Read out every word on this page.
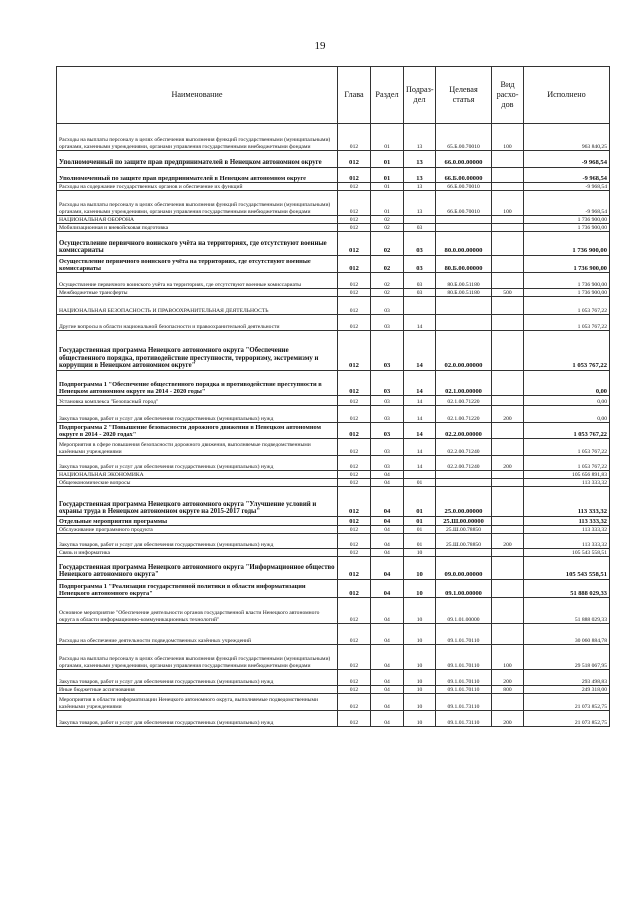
19
Наименование	Глава	Раздел	Подраз-дел	Целевая статья	Вид расхо-дов	Исполнено
Расходы на выплаты персоналу в целях обеспечения выполнения функций государственными (муниципальными) органами, казенными учреждениями, органами управления государственными внебюджетными фондами	012	01	13	65.Б.00.70010	100	963 840,25
Уполномоченный по защите прав предпринимателей в Ненецком автономном округе	012	01	13	66.0.00.00000		-9 968,54
Уполномоченный по защите прав предпринимателей в Ненецком автономном округе	012	01	13	66.Б.00.00000		-9 968,54
Расходы на содержание государственных органов и обеспечение их функций	012	01	13	66.Б.00.70010		-9 968,54
Расходы на выплаты персоналу в целях обеспечения выполнения функций государственными (муниципальными) органами, казенными учреждениями, органами управления государственными внебюджетными фондами	012	01	13	66.Б.00.70010	100	-9 968,54
НАЦИОНАЛЬНАЯ ОБОРОНА	012	02				1 736 900,00
Мобилизационная и вневойсковая подготовка	012	02	03			1 736 900,00
Осуществление первичного воинского учёта на территориях, где отсутствуют военные комиссариаты	012	02	03	80.0.00.00000		1 736 900,00
Осуществление первичного воинского учёта на территориях, где отсутствуют военные комиссариаты	012	02	03	80.Б.00.00000		1 736 900,00
Осуществление первичного воинского учёта на территориях, где отсутствуют военные комиссариаты	012	02	03	80.Б.00.51180		1 736 900,00
Межбюджетные трансферты	012	02	03	80.Б.00.51180	500	1 736 900,00
НАЦИОНАЛЬНАЯ БЕЗОПАСНОСТЬ И ПРАВООХРАНИТЕЛЬНАЯ ДЕЯТЕЛЬНОСТЬ	012	03				1 053 767,22
Другие вопросы в области национальной безопасности и правоохранительной деятельности	012	03	14			1 053 767,22
Государственная программа Ненецкого автономного округа "Обеспечение общественного порядка, противодействие преступности, терроризму, экстремизму и коррупции в Ненецком автономном округе"	012	03	14	02.0.00.00000		1 053 767,22
Подпрограмма 1 "Обеспечение общественного порядка и противодействие преступности в Ненецком автономном округе на 2014 - 2020 годы"	012	03	14	02.1.00.00000		0,00
Установка комплекса "Безопасный город"	012	03	14	02.1.00.71220		0,00
Закупка товаров, работ и услуг для обеспечения государственных (муниципальных) нужд	012	03	14	02.1.00.71220	200	0,00
Подпрограмма 2 "Повышение безопасности дорожного движения в Ненецком автономном округе в 2014 - 2020 годах"	012	03	14	02.2.00.00000		1 053 767,22
Мероприятия в сфере повышения безопасности дорожного движения, выполняемые подведомственными казёнными учреждениями	012	03	14	02.2.00.71240		1 053 767,22
Закупка товаров, работ и услуг для обеспечения государственных (муниципальных) нужд	012	03	14	02.2.00.71240	200	1 053 767,22
НАЦИОНАЛЬНАЯ ЭКОНОМИКА	012	04				105 656 891,83
Общеэкономические вопросы	012	04	01			113 333,32
Государственная программа Ненецкого автономного округа "Улучшение условий и охраны труда в Ненецком автономном округе на 2015-2017 годы"	012	04	01	25.0.00.00000		113 333,32
Отдельные мероприятия программы	012	04	01	25.Ш.00.00000		113 333,32
Обслуживание программного продукта	012	04	01	25.Ш.00.78850		113 333,32
Закупка товаров, работ и услуг для обеспечения государственных (муниципальных) нужд	012	04	01	25.Ш.00.78850	200	113 333,32
Связь и информатика	012	04	10			105 543 558,51
Государственная программа Ненецкого автономного округа "Информационное общество Ненецкого автономного округа"	012	04	10	09.0.00.00000		105 543 558,51
Подпрограмма 1 "Реализация государственной политики в области информатизации Ненецкого автономного округа"	012	04	10	09.1.00.00000		51 888 029,33
Основное мероприятие "Обеспечение деятельности органов государственной власти Ненецкого автономного округа в области информационно-коммуникационных технологий"	012	04	10	09.1.01.00000		51 888 029,33
Расходы на обеспечение деятельности подведомственных казённых учреждений	012	04	10	09.1.01.70110		30 060 884,78
Расходы на выплаты персоналу в целях обеспечения выполнения функций государственными (муниципальными) органами, казенными учреждениями, органами управления государственными внебюджетными фондами	012	04	10	09.1.01.70110	100	29 518 067,95
Закупка товаров, работ и услуг для обеспечения государственных (муниципальных) нужд	012	04	10	09.1.01.70110	200	293 498,83
Иные бюджетные ассигнования	012	04	10	09.1.01.70110	800	249 318,00
Мероприятия в области информатизации Ненецкого автономного округа, выполняемые подведомственными казёнными учреждениями	012	04	10	09.1.01.73110		21 073 852,75
Закупка товаров, работ и услуг для обеспечения государственных (муниципальных) нужд	012	04	10	09.1.01.73110	200	21 073 852,75
